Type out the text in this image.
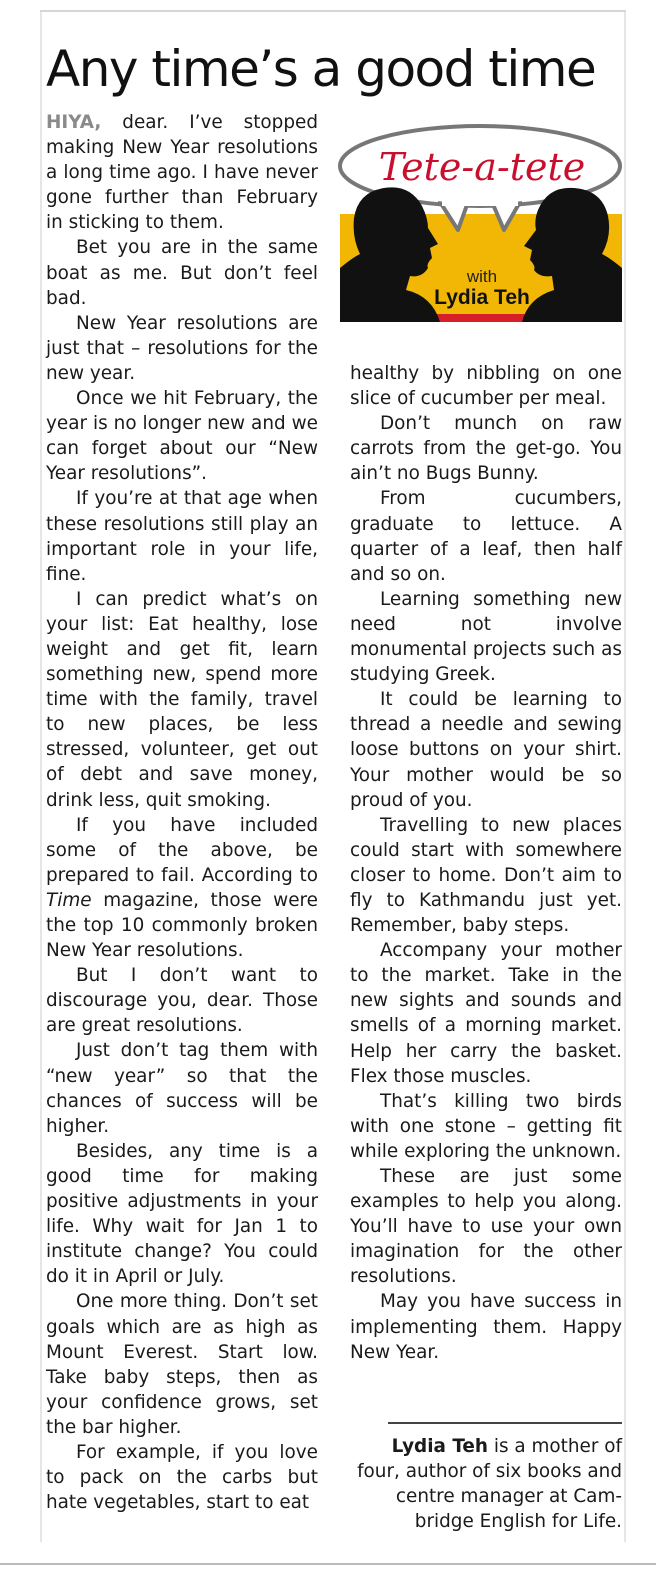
Any time’s a good time

HIYA, dear. I’ve stopped making New Year resolutions a long time ago. I have never gone further than February in sticking to them.

Bet you are in the same boat as me. But don’t feel bad.

New Year resolutions are just that – resolutions for the new year.

Once we hit February, the year is no longer new and we can forget about our “New Year resolutions”.

If you’re at that age when these resolutions still play an important role in your life, fine.

I can predict what’s on your list: Eat healthy, lose weight and get fit, learn something new, spend more time with the family, travel to new places, be less stressed, volunteer, get out of debt and save money, drink less, quit smoking.

If you have included some of the above, be prepared to fail. According to Time magazine, those were the top 10 commonly broken New Year resolutions.

But I don’t want to discourage you, dear. Those are great resolutions.

Just don’t tag them with “new year” so that the chances of success will be higher.

Besides, any time is a good time for making positive adjustments in your life. Why wait for Jan 1 to institute change? You could do it in April or July.

One more thing. Don’t set goals which are as high as Mount Everest. Start low. Take baby steps, then as your confidence grows, set the bar higher.

For example, if you love to pack on the carbs but hate vegetables, start to eat

Tete-a-tete
with
Lydia Teh

healthy by nibbling on one slice of cucumber per meal.

Don’t munch on raw carrots from the get-go. You ain’t no Bugs Bunny.

From cucumbers, graduate to lettuce. A quarter of a leaf, then half and so on.

Learning something new need not involve monumental projects such as studying Greek.

It could be learning to thread a needle and sewing loose buttons on your shirt. Your mother would be so proud of you.

Travelling to new places could start with somewhere closer to home. Don’t aim to fly to Kathmandu just yet. Remember, baby steps.

Accompany your mother to the market. Take in the new sights and sounds and smells of a morning market. Help her carry the basket. Flex those muscles.

That’s killing two birds with one stone – getting fit while exploring the unknown.

These are just some examples to help you along. You’ll have to use your own imagination for the other resolutions.

May you have success in implementing them. Happy New Year.

Lydia Teh is a mother of
four, author of six books and
centre manager at Cam-
bridge English for Life.
